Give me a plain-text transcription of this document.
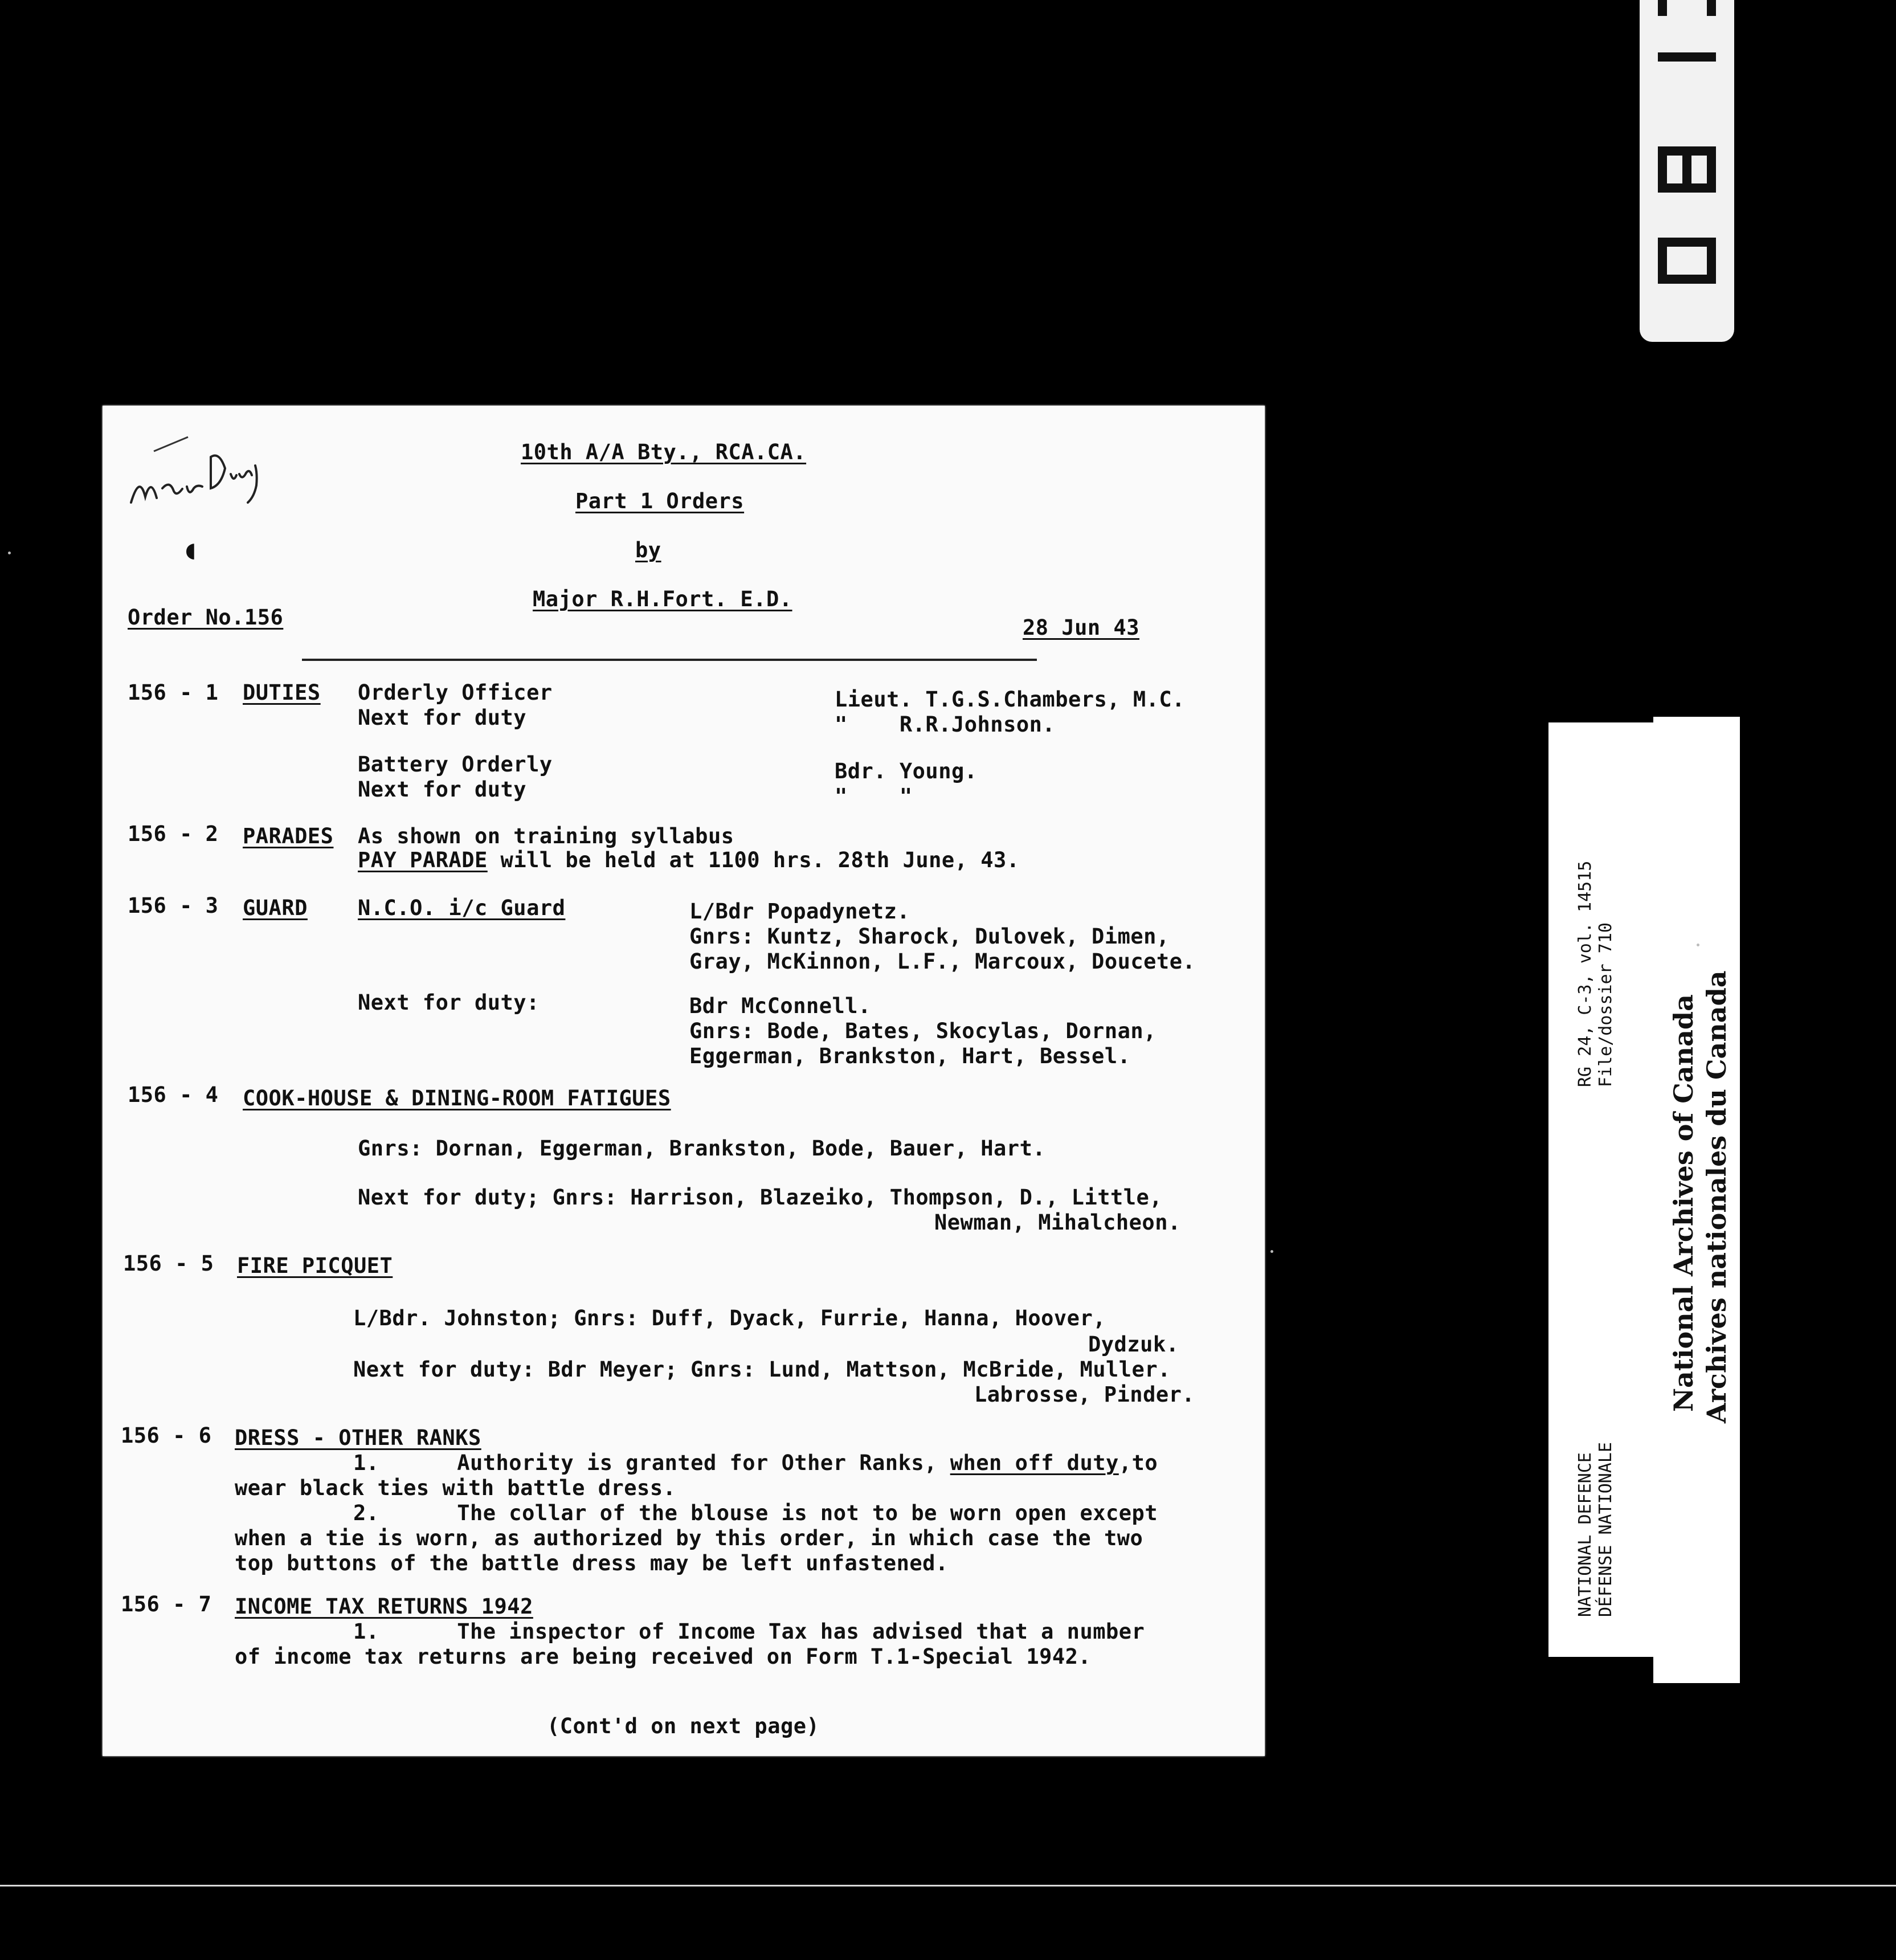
◖
10th A/A Bty., RCA.CA.
Part 1 Orders
by
Major R.H.Fort. E.D.
Order No.156	28 Jun 43
156 - 1 DUTIES Orderly Officer	Lieut. T.G.S.Chambers, M.C.
Next for duty	"    R.R.Johnson.
Battery Orderly	Bdr. Young.
Next for duty	"    "
156 - 2 PARADES As shown on training syllabus
PAY PARADE will be held at 1100 hrs. 28th June, 43.
156 - 3 GUARD N.C.O. i/c Guard	L/Bdr Popadynetz.
Gnrs: Kuntz, Sharock, Dulovek, Dimen,
Gray, McKinnon, L.F., Marcoux, Doucete.
Next for duty:	Bdr McConnell.
Gnrs: Bode, Bates, Skocylas, Dornan,
Eggerman, Brankston, Hart, Bessel.
156 - 4 COOK-HOUSE & DINING-ROOM FATIGUES
Gnrs: Dornan, Eggerman, Brankston, Bode, Bauer, Hart.
Next for duty; Gnrs: Harrison, Blazeiko, Thompson, D., Little,
Newman, Mihalcheon.
156 - 5 FIRE PICQUET
L/Bdr. Johnston; Gnrs: Duff, Dyack, Furrie, Hanna, Hoover,
Dydzuk.
Next for duty: Bdr Meyer; Gnrs: Lund, Mattson, McBride, Muller.
Labrosse, Pinder.
156 - 6 DRESS - OTHER RANKS
1.      Authority is granted for Other Ranks, when off duty,to
wear black ties with battle dress.
2.      The collar of the blouse is not to be worn open except
when a tie is worn, as authorized by this order, in which case the two
top buttons of the battle dress may be left unfastened.
156 - 7 INCOME TAX RETURNS 1942
1.      The inspector of Income Tax has advised that a number
of income tax returns are being received on Form T.1-Special 1942.
(Cont'd on next page)
RG 24, C-3, vol. 14515 File/dossier 710
NATIONAL DEFENCE DÉFENSE NATIONALE
National Archives of Canada Archives nationales du Canada
